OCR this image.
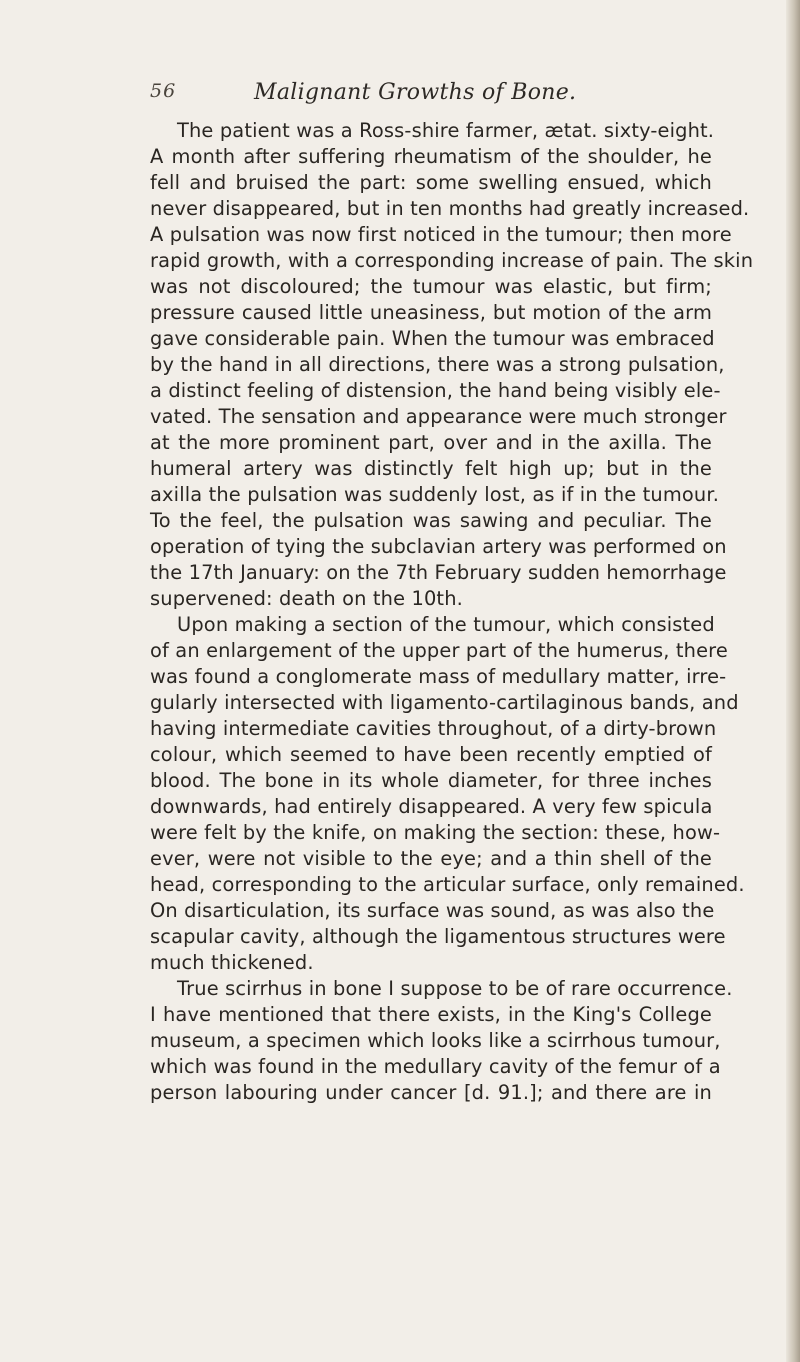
56	Malignant Growths of Bone.
The patient was a Ross-shire farmer, ætat. sixty-eight.
A month after suffering rheumatism of the shoulder, he
fell and bruised the part: some swelling ensued, which
never disappeared, but in ten months had greatly increased.
A pulsation was now first noticed in the tumour; then more
rapid growth, with a corresponding increase of pain. The skin
was not discoloured; the tumour was elastic, but firm;
pressure caused little uneasiness, but motion of the arm
gave considerable pain. When the tumour was embraced
by the hand in all directions, there was a strong pulsation,
a distinct feeling of distension, the hand being visibly ele-
vated. The sensation and appearance were much stronger
at the more prominent part, over and in the axilla. The
humeral artery was distinctly felt high up; but in the
axilla the pulsation was suddenly lost, as if in the tumour.
To the feel, the pulsation was sawing and peculiar. The
operation of tying the subclavian artery was performed on
the 17th January: on the 7th February sudden hemorrhage
supervened: death on the 10th.
Upon making a section of the tumour, which consisted
of an enlargement of the upper part of the humerus, there
was found a conglomerate mass of medullary matter, irre-
gularly intersected with ligamento-cartilaginous bands, and
having intermediate cavities throughout, of a dirty-brown
colour, which seemed to have been recently emptied of
blood. The bone in its whole diameter, for three inches
downwards, had entirely disappeared. A very few spicula
were felt by the knife, on making the section: these, how-
ever, were not visible to the eye; and a thin shell of the
head, corresponding to the articular surface, only remained.
On disarticulation, its surface was sound, as was also the
scapular cavity, although the ligamentous structures were
much thickened.
True scirrhus in bone I suppose to be of rare occurrence.
I have mentioned that there exists, in the King's College
museum, a specimen which looks like a scirrhous tumour,
which was found in the medullary cavity of the femur of a
person labouring under cancer [d. 91.]; and there are in
